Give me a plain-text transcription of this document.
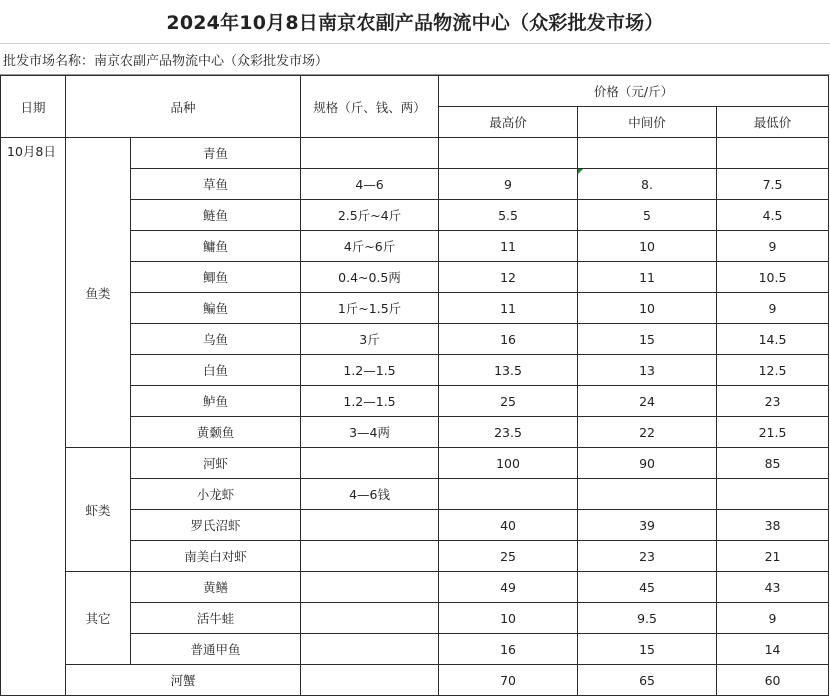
2024年10月8日南京农副产品物流中心（众彩批发市场）
批发市场名称：南京农副产品物流中心（众彩批发市场）
日期	品种		规格（斤、钱、两）	价格（元/斤）		
				最高价	中间价	最低价
10月8日	鱼类	青鱼				
		草鱼	4—6	9	8.	7.5
		鲢鱼	2.5斤~4斤	5.5	5	4.5
		鳙鱼	4斤~6斤	11	10	9
		鲫鱼	0.4~0.5两	12	11	10.5
		鳊鱼	1斤~1.5斤	11	10	9
		乌鱼	3斤	16	15	14.5
		白鱼	1.2—1.5	13.5	13	12.5
		鲈鱼	1.2—1.5	25	24	23
		黄颡鱼	3—4两	23.5	22	21.5
	虾类	河虾		100	90	85
		小龙虾	4—6钱			
		罗氏沼虾		40	39	38
		南美白对虾		25	23	21
	其它	黄鳝		49	45	43
		活牛蛙		10	9.5	9
		普通甲鱼		16	15	14
	河蟹			70	65	60
